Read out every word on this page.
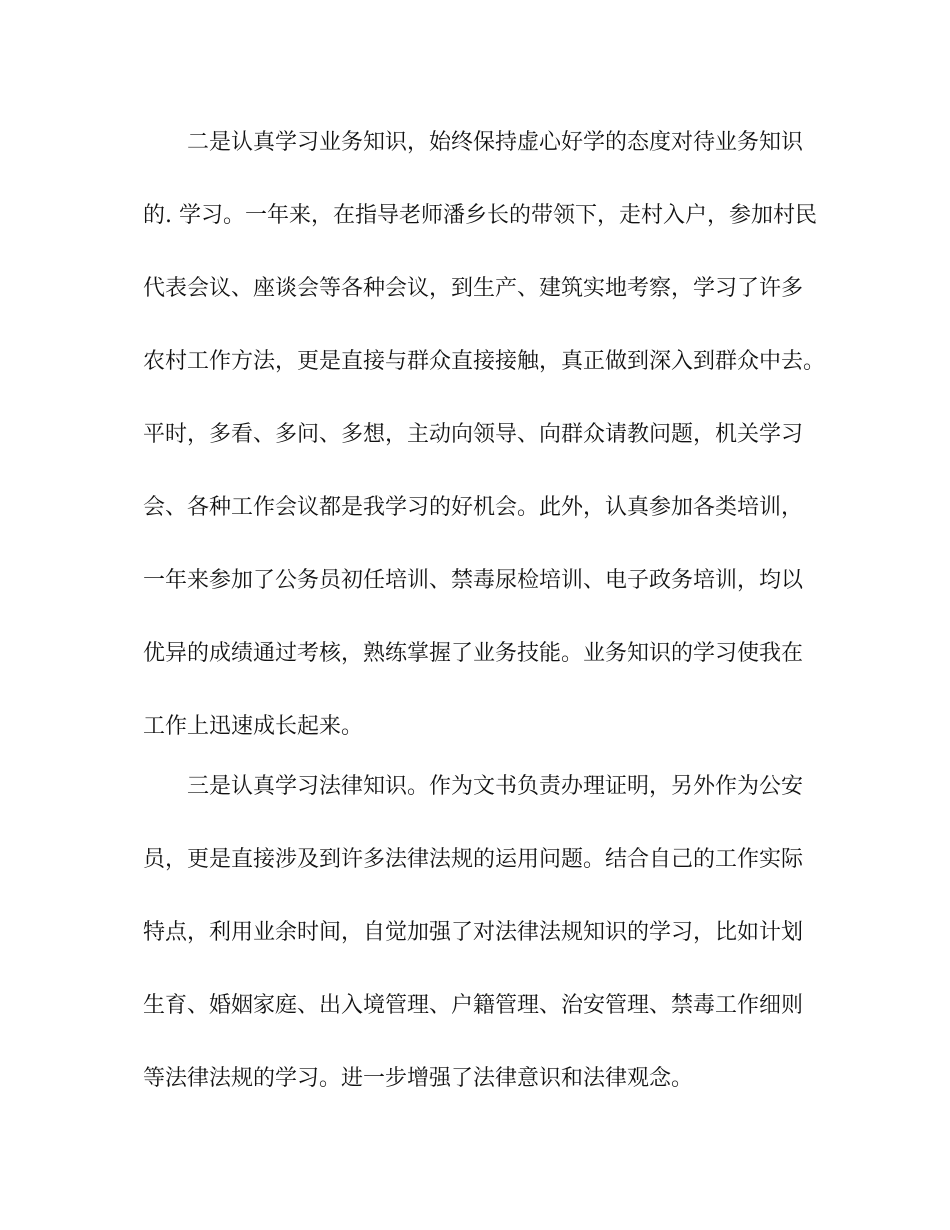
二是认真学习业务知识，始终保持虚心好学的态度对待业务知识

的. 学习。一年来，在指导老师潘乡长的带领下，走村入户，参加村民

代表会议、座谈会等各种会议，到生产、建筑实地考察，学习了许多

农村工作方法，更是直接与群众直接接触，真正做到深入到群众中去。

平时，多看、多问、多想，主动向领导、向群众请教问题，机关学习

会、各种工作会议都是我学习的好机会。此外，认真参加各类培训，

一年来参加了公务员初任培训、禁毒尿检培训、电子政务培训，均以

优异的成绩通过考核，熟练掌握了业务技能。业务知识的学习使我在

工作上迅速成长起来。

三是认真学习法律知识。作为文书负责办理证明，另外作为公安

员，更是直接涉及到许多法律法规的运用问题。结合自己的工作实际

特点，利用业余时间，自觉加强了对法律法规知识的学习，比如计划

生育、婚姻家庭、出入境管理、户籍管理、治安管理、禁毒工作细则

等法律法规的学习。进一步增强了法律意识和法律观念。
